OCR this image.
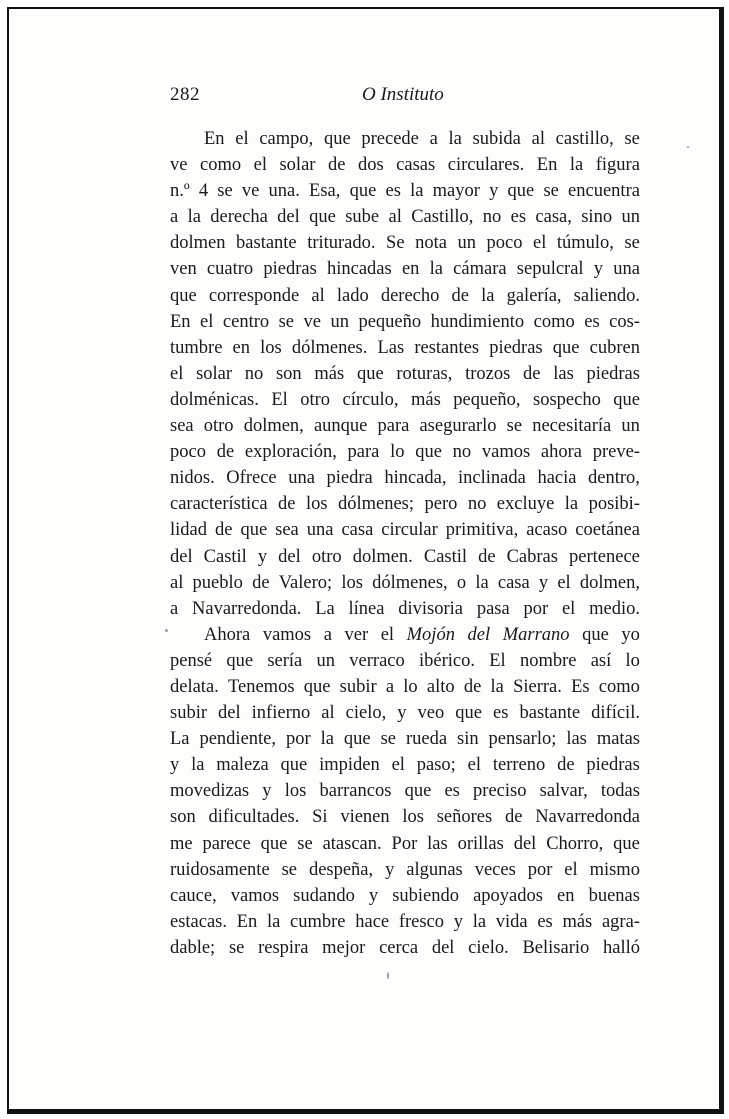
282	O Instituto
En el campo, que precede a la subida al castillo, se
ve como el solar de dos casas circulares. En la figura
n.º 4 se ve una. Esa, que es la mayor y que se encuentra
a la derecha del que sube al Castillo, no es casa, sino un
dolmen bastante triturado. Se nota un poco el túmulo, se
ven cuatro piedras hincadas en la cámara sepulcral y una
que corresponde al lado derecho de la galería, saliendo.
En el centro se ve un pequeño hundimiento como es cos-
tumbre en los dólmenes. Las restantes piedras que cubren
el solar no son más que roturas, trozos de las piedras
dolménicas. El otro círculo, más pequeño, sospecho que
sea otro dolmen, aunque para asegurarlo se necesitaría un
poco de exploración, para lo que no vamos ahora preve-
nidos. Ofrece una piedra hincada, inclinada hacia dentro,
característica de los dólmenes; pero no excluye la posibi-
lidad de que sea una casa circular primitiva, acaso coetánea
del Castil y del otro dolmen. Castil de Cabras pertenece
al pueblo de Valero; los dólmenes, o la casa y el dolmen,
a Navarredonda. La línea divisoria pasa por el medio.
Ahora vamos a ver el Mojón del Marrano que yo
pensé que sería un verraco ibérico. El nombre así lo
delata. Tenemos que subir a lo alto de la Sierra. Es como
subir del infierno al cielo, y veo que es bastante difícil.
La pendiente, por la que se rueda sin pensarlo; las matas
y la maleza que impiden el paso; el terreno de piedras
movedizas y los barrancos que es preciso salvar, todas
son dificultades. Si vienen los señores de Navarredonda
me parece que se atascan. Por las orillas del Chorro, que
ruidosamente se despeña, y algunas veces por el mismo
cauce, vamos sudando y subiendo apoyados en buenas
estacas. En la cumbre hace fresco y la vida es más agra-
dable; se respira mejor cerca del cielo. Belisario halló
